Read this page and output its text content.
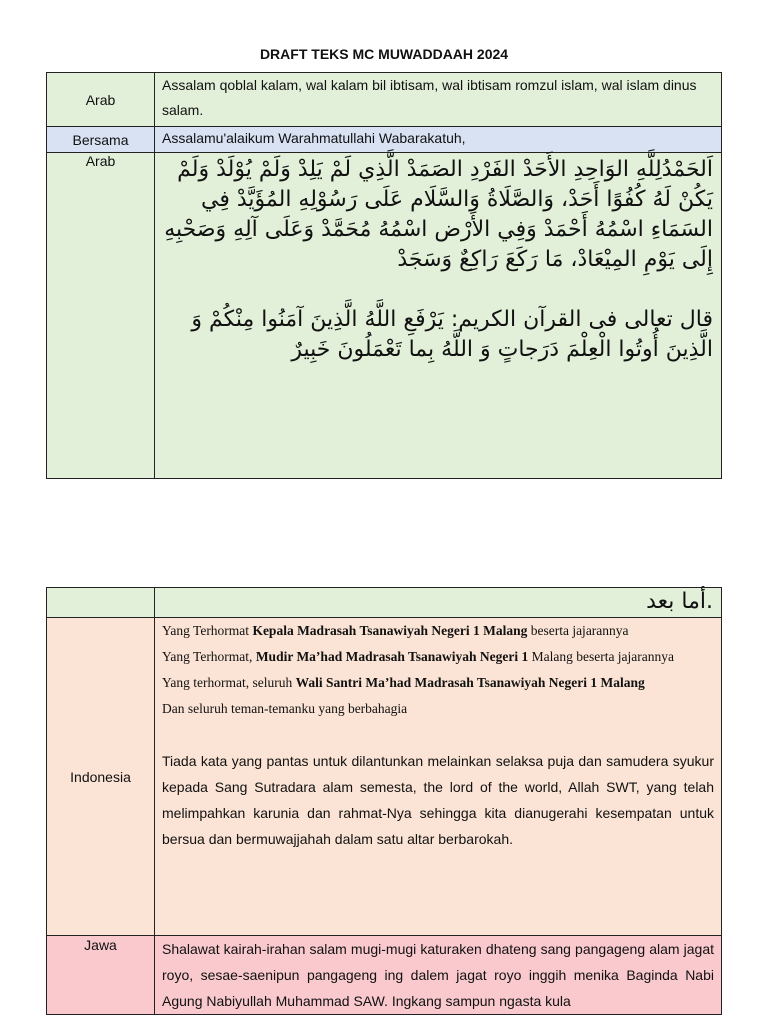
DRAFT TEKS MC MUWADDAAH 2024
Arab	Assalam qoblal kalam, wal kalam bil ibtisam, wal ibtisam romzul islam, wal islam dinus salam.
Bersama	Assalamu'alaikum Warahmatullahi Wabarakatuh,
Arab	اَلحَمْدُلِلَّهِ الوَاحِدِ الأَحَدْ الفَرْدِ الصَمَدْ الَّذِي لَمْ يَلِدْ وَلَمْ يُوْلَدْ وَلَمْ يَكُنْ لَهُ كُفُوًا أَحَدْ، وَالصَّلَاةُ وَالسَّلَام عَلَى رَسُوْلِهِ المُؤَيَّدْ فِي السَمَاءِ اسْمُهُ أَحْمَدْ وَفِي الأَرْض اسْمُهُ مُحَمَّدْ وَعَلَى آلِهِ وَصَحْبِهِ إِلَى يَوْمِ المِيْعَادْ، مَا رَكَعَ رَاكِعٌ وَسَجَدْ

قال تعالى فى القرآن الكريم: يَرْفَعِ اللَّهُ الَّذِينَ آمَنُوا مِنْكُمْ وَ الَّذِينَ أُوتُوا الْعِلْمَ دَرَجاتٍ وَ اللَّهُ بِما تَعْمَلُونَ خَبِيرٌ

	.أما بعد
Indonesia	Yang Terhormat Kepala Madrasah Tsanawiyah Negeri 1 Malang beserta jajarannya

Yang Terhormat, Mudir Ma’had Madrasah Tsanawiyah Negeri 1 Malang beserta jajarannya

Yang terhormat, seluruh Wali Santri Ma’had Madrasah Tsanawiyah Negeri 1 Malang

Dan seluruh teman-temanku yang berbahagia

Tiada kata yang pantas untuk dilantunkan melainkan selaksa puja dan samudera syukur kepada Sang Sutradara alam semesta, the lord of the world, Allah SWT, yang telah melimpahkan karunia dan rahmat-Nya sehingga kita dianugerahi kesempatan untuk bersua dan bermuwajjahah dalam satu altar berbarokah.

Jawa	Shalawat kairah-irahan salam mugi-mugi katuraken dhateng sang pangageng alam jagat royo, sesae-saenipun pangageng ing dalem jagat royo inggih menika Baginda Nabi Agung Nabiyullah Muhammad SAW. Ingkang sampun ngasta kula
